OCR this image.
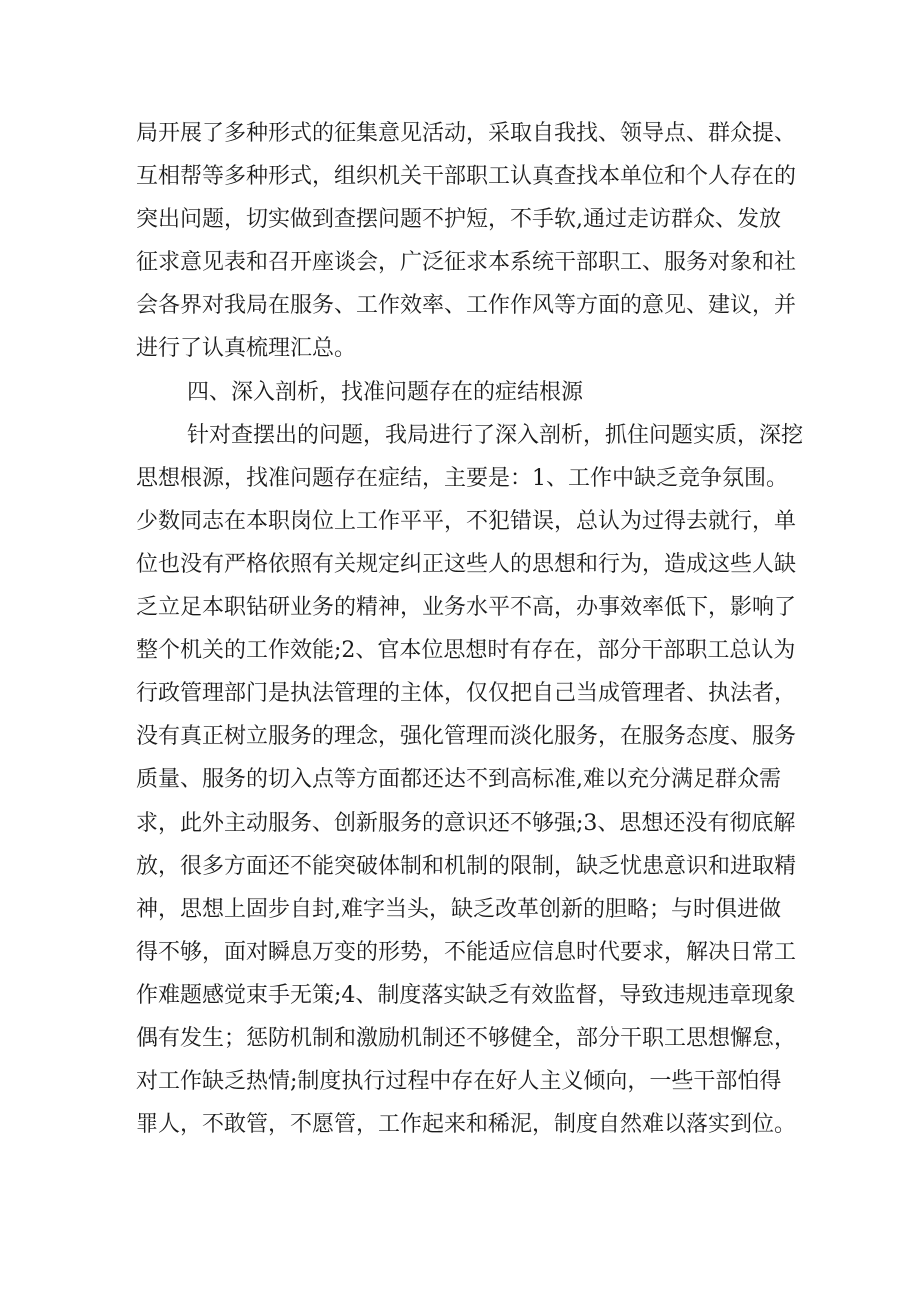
局开展了多种形式的征集意见活动，采取自我找、领导点、群众提、
互相帮等多种形式，组织机关干部职工认真查找本单位和个人存在的
突出问题，切实做到查摆问题不护短，不手软,通过走访群众、发放
征求意见表和召开座谈会，广泛征求本系统干部职工、服务对象和社
会各界对我局在服务、工作效率、工作作风等方面的意见、建议，并
进行了认真梳理汇总。
四、深入剖析，找准问题存在的症结根源
针对查摆出的问题，我局进行了深入剖析，抓住问题实质，深挖
思想根源，找准问题存在症结，主要是：1、工作中缺乏竞争氛围。
少数同志在本职岗位上工作平平，不犯错误，总认为过得去就行，单
位也没有严格依照有关规定纠正这些人的思想和行为，造成这些人缺
乏立足本职钻研业务的精神，业务水平不高，办事效率低下，影响了
整个机关的工作效能;2、官本位思想时有存在，部分干部职工总认为
行政管理部门是执法管理的主体，仅仅把自己当成管理者、执法者，
没有真正树立服务的理念，强化管理而淡化服务，在服务态度、服务
质量、服务的切入点等方面都还达不到高标准,难以充分满足群众需
求，此外主动服务、创新服务的意识还不够强;3、思想还没有彻底解
放，很多方面还不能突破体制和机制的限制，缺乏忧患意识和进取精
神，思想上固步自封,难字当头，缺乏改革创新的胆略；与时俱进做
得不够，面对瞬息万变的形势，不能适应信息时代要求，解决日常工
作难题感觉束手无策;4、制度落实缺乏有效监督，导致违规违章现象
偶有发生；惩防机制和激励机制还不够健全，部分干职工思想懈怠，
对工作缺乏热情;制度执行过程中存在好人主义倾向，一些干部怕得
罪人，不敢管，不愿管，工作起来和稀泥，制度自然难以落实到位。
